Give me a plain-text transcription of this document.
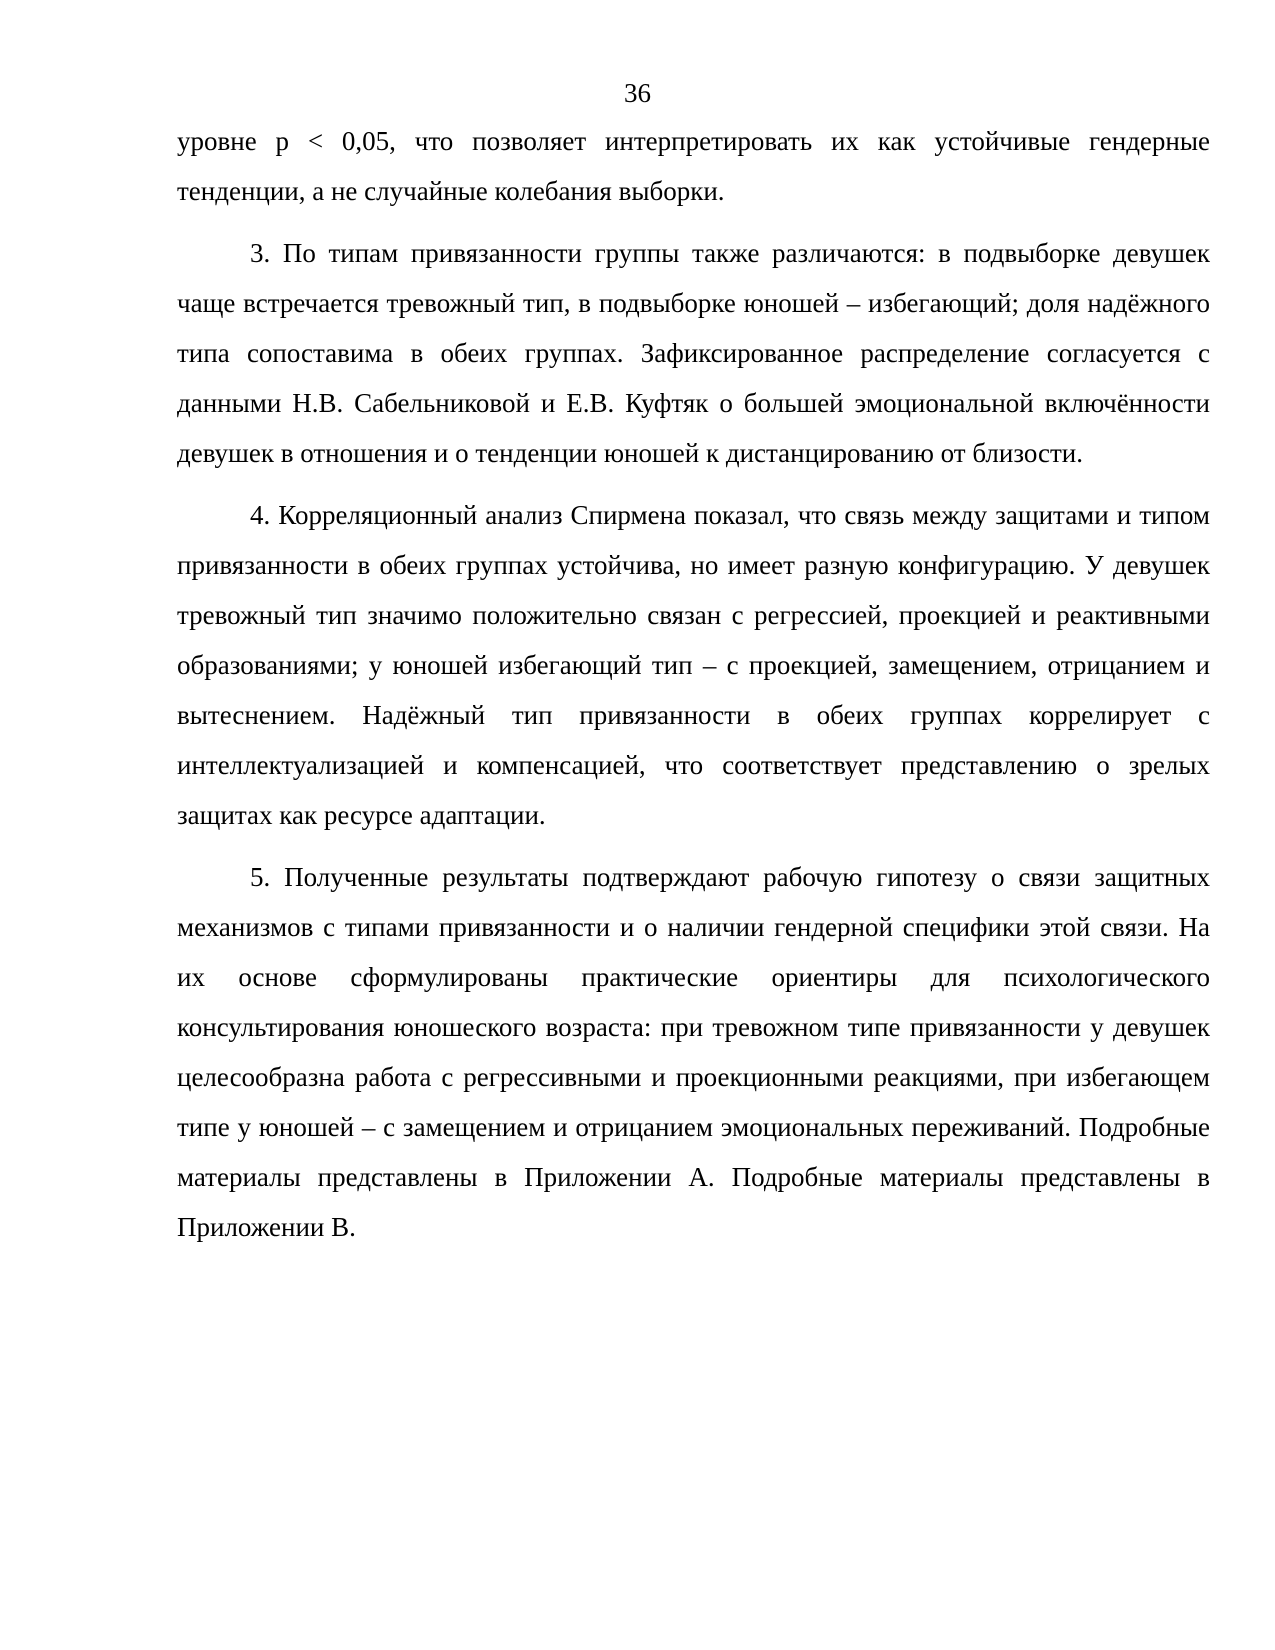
36

уровне р < 0,05, что позволяет интерпретировать их как устойчивые гендерные тенденции, а не случайные колебания выборки.

3. По типам привязанности группы также различаются: в подвыборке девушек чаще встречается тревожный тип, в подвыборке юношей – избегающий; доля надёжного типа сопоставима в обеих группах. Зафиксированное распределение согласуется с данными Н.В. Сабельниковой и Е.В. Куфтяк о большей эмоциональной включённости девушек в отношения и о тенденции юношей к дистанцированию от близости.

4. Корреляционный анализ Спирмена показал, что связь между защитами и типом привязанности в обеих группах устойчива, но имеет разную конфигурацию. У девушек тревожный тип значимо положительно связан с регрессией, проекцией и реактивными образованиями; у юношей избегающий тип – с проекцией, замещением, отрицанием и вытеснением. Надёжный тип привязанности в обеих группах коррелирует с интеллектуализацией и компенсацией, что соответствует представлению о зрелых защитах как ресурсе адаптации.

5. Полученные результаты подтверждают рабочую гипотезу о связи защитных механизмов с типами привязанности и о наличии гендерной специфики этой связи. На их основе сформулированы практические ориентиры для психологического консультирования юношеского возраста: при тревожном типе привязанности у девушек целесообразна работа с регрессивными и проекционными реакциями, при избегающем типе у юношей – с замещением и отрицанием эмоциональных переживаний. Подробные материалы представлены в Приложении А. Подробные материалы представлены в Приложении В.
